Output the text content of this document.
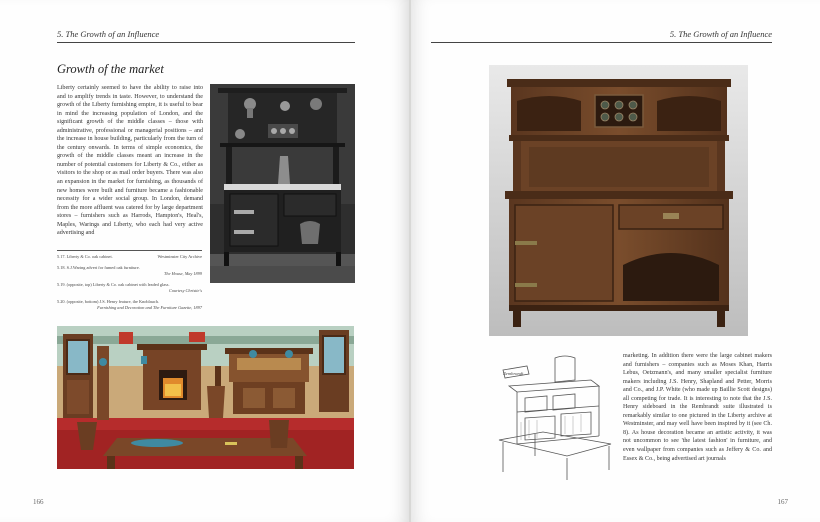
5. The Growth of an Influence
Growth of the market
Liberty certainly seemed to have the ability to raise into and to amplify trends in taste. However, to understand the growth of the Liberty furnishing empire, it is useful to bear in mind the increasing population of London, and the significant growth of the middle classes – those with administrative, professional or managerial positions – and the increase in house building, particularly from the turn of the century onwards. In terms of simple economics, the growth of the middle classes meant an increase in the number of potential customers for Liberty & Co., either as visitors to the shop or as mail order buyers. There was also an expansion in the market for furnishing, as thousands of new homes were built and furniture became a fashionable necessity for a wider social group. In London, demand from the more affluent was catered for by large department stores – furnishers such as Harrods, Hampton's, Heal's, Maples, Warings and Liberty, who each had very active advertising and
5.17. Liberty & Co. oak cabinet.	Westminster City Archive
5.18. S.J.Waring advert for fumed oak furniture.
The House, May 1899
5.19. (opposite, top) Liberty & Co. oak cabinet with leaded glass.
Courtesy Christie's
5.20. (opposite, bottom) J.S. Henry feature, the Knoblauch.
Furnishing and Decoration and The Furniture Gazette, 1897
166
5. The Growth of an Influence
Rembrandt
marketing. In addition there were the large cabinet makers and furnishers – companies such as Moses Khan, Harris Lebus, Oetzmann's, and many smaller specialist furniture makers including J.S. Henry, Shapland and Petter, Morris and Co., and J.P. White (who made up Baillie Scott designs) all competing for trade. It is interesting to note that the J.S. Henry sideboard in the Rembrandt suite illustrated is remarkably similar to one pictured in the Liberty archive at Westminster, and may well have been inspired by it (see Ch. 8). As house decoration became an artistic activity, it was not uncommon to see 'the latest fashion' in furniture, and even wallpaper from companies such as Jeffery & Co. and Essex & Co., being advertised art journals
167
